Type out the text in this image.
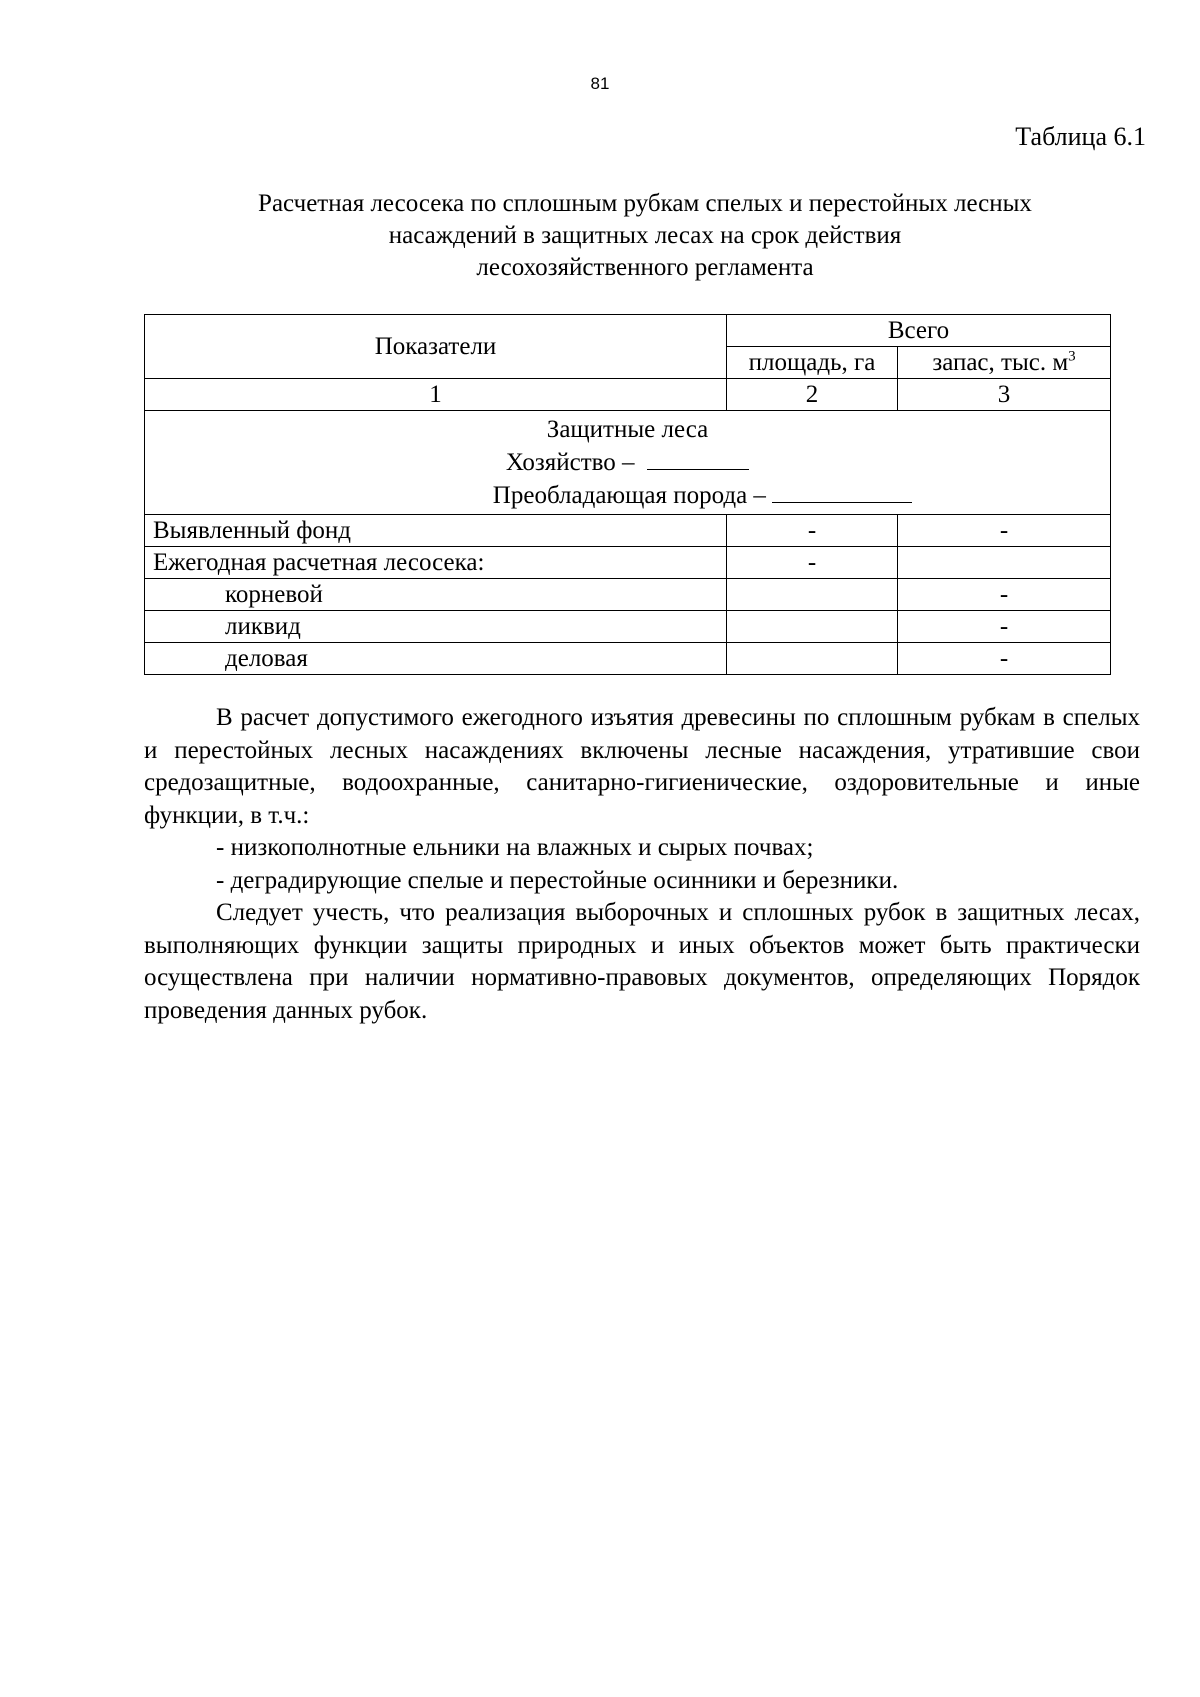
81
Таблица 6.1
Расчетная лесосека по сплошным рубкам спелых и перестойных лесных
насаждений в защитных лесах на срок действия
лесохозяйственного регламента
Показатели	Всего	
	площадь, га	запас, тыс. $м^3$
1	2	3

Защитные леса
Хозяйство –
Преобладающая порода –		

Выявленный фонд	-	-
Ежегодная расчетная лесосека:	-	
корневой		-
ликвид		-
деловая		-

В расчет допустимого ежегодного изъятия древесины по сплошным рубкам в спелых и перестойных лесных насаждениях включены лесные насаждения, утратившие свои средозащитные, водоохранные, санитарно-гигиенические, оздоровительные и иные функции, в т.ч.:

- низкополнотные ельники на влажных и сырых почвах;

- деградирующие спелые и перестойные осинники и березники.

Следует учесть, что реализация выборочных и сплошных рубок в защитных лесах, выполняющих функции защиты природных и иных объектов может быть практически осуществлена при наличии нормативно-правовых документов, определяющих Порядок проведения данных рубок.
